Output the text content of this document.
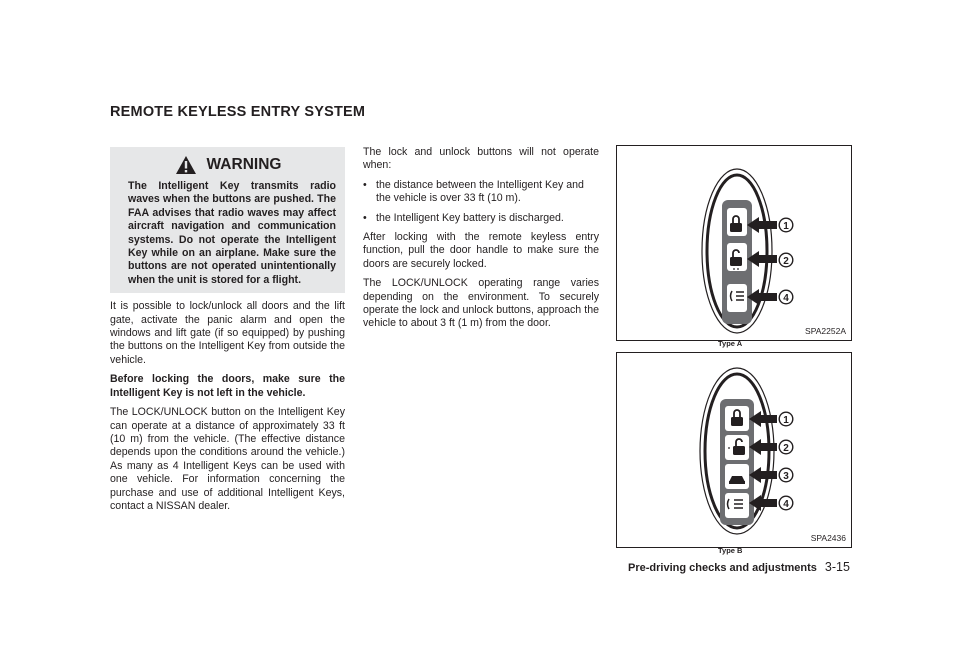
REMOTE KEYLESS ENTRY SYSTEM
WARNING
The Intelligent Key transmits radio waves when the buttons are pushed. The FAA advises that radio waves may affect aircraft navigation and communication systems. Do not operate the Intelligent Key while on an airplane. Make sure the buttons are not operated unintentionally when the unit is stored for a flight.

It is possible to lock/unlock all doors and the lift gate, activate the panic alarm and open the windows and lift gate (if so equipped) by pushing the buttons on the Intelligent Key from outside the vehicle.

Before locking the doors, make sure the Intelligent Key is not left in the vehicle.

The LOCK/UNLOCK button on the Intelligent Key can operate at a distance of approximately 33 ft (10 m) from the vehicle. (The effective distance depends upon the conditions around the vehicle.) As many as 4 Intelligent Keys can be used with one vehicle. For information concerning the purchase and use of additional Intelligent Keys, contact a NISSAN dealer.

The lock and unlock buttons will not operate when:

• the distance between the Intelligent Key and the vehicle is over 33 ft (10 m).
• the Intelligent Key battery is discharged.

After locking with the remote keyless entry function, pull the door handle to make sure the doors are securely locked.

The LOCK/UNLOCK operating range varies depending on the environment. To securely operate the lock and unlock buttons, approach the vehicle to about 3 ft (1 m) from the door.

1
2
4
SPA2252A
Type A
1
2
3
4
SPA2436
Type B
Pre-driving checks and adjustments 3-15
